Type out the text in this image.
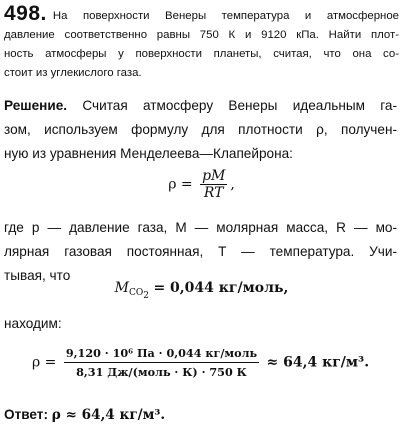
498. На поверхности Венеры температура и атмосферное
давление соответственно равны 750 К и 9120 кПа. Найти плот-
ность атмосферы у поверхности планеты, считая, что она со-
стоит из углекислого газа.
Решение. Считая атмосферу Венеры идеальным га-
зом, используем формулу для плотности ρ, получен-
ную из уравнения Менделеева—Клапейрона:
$\rho = \frac{pM}{RT}$ ,
где p — давление газа, M — молярная масса, R — мо-
лярная газовая постоянная, T — температура. Учи-
тывая, что
$M_{CO_2} = 0,044$ кг/моль,
находим:
$\rho = \frac{\text{9,120 · 10⁶ Па · 0,044 кг/моль}}{\text{8,31 Дж/(моль · К) · 750 К}} \approx 64,4$ кг/м³.
Ответ: ρ ≈ 64,4 кг/м³.
